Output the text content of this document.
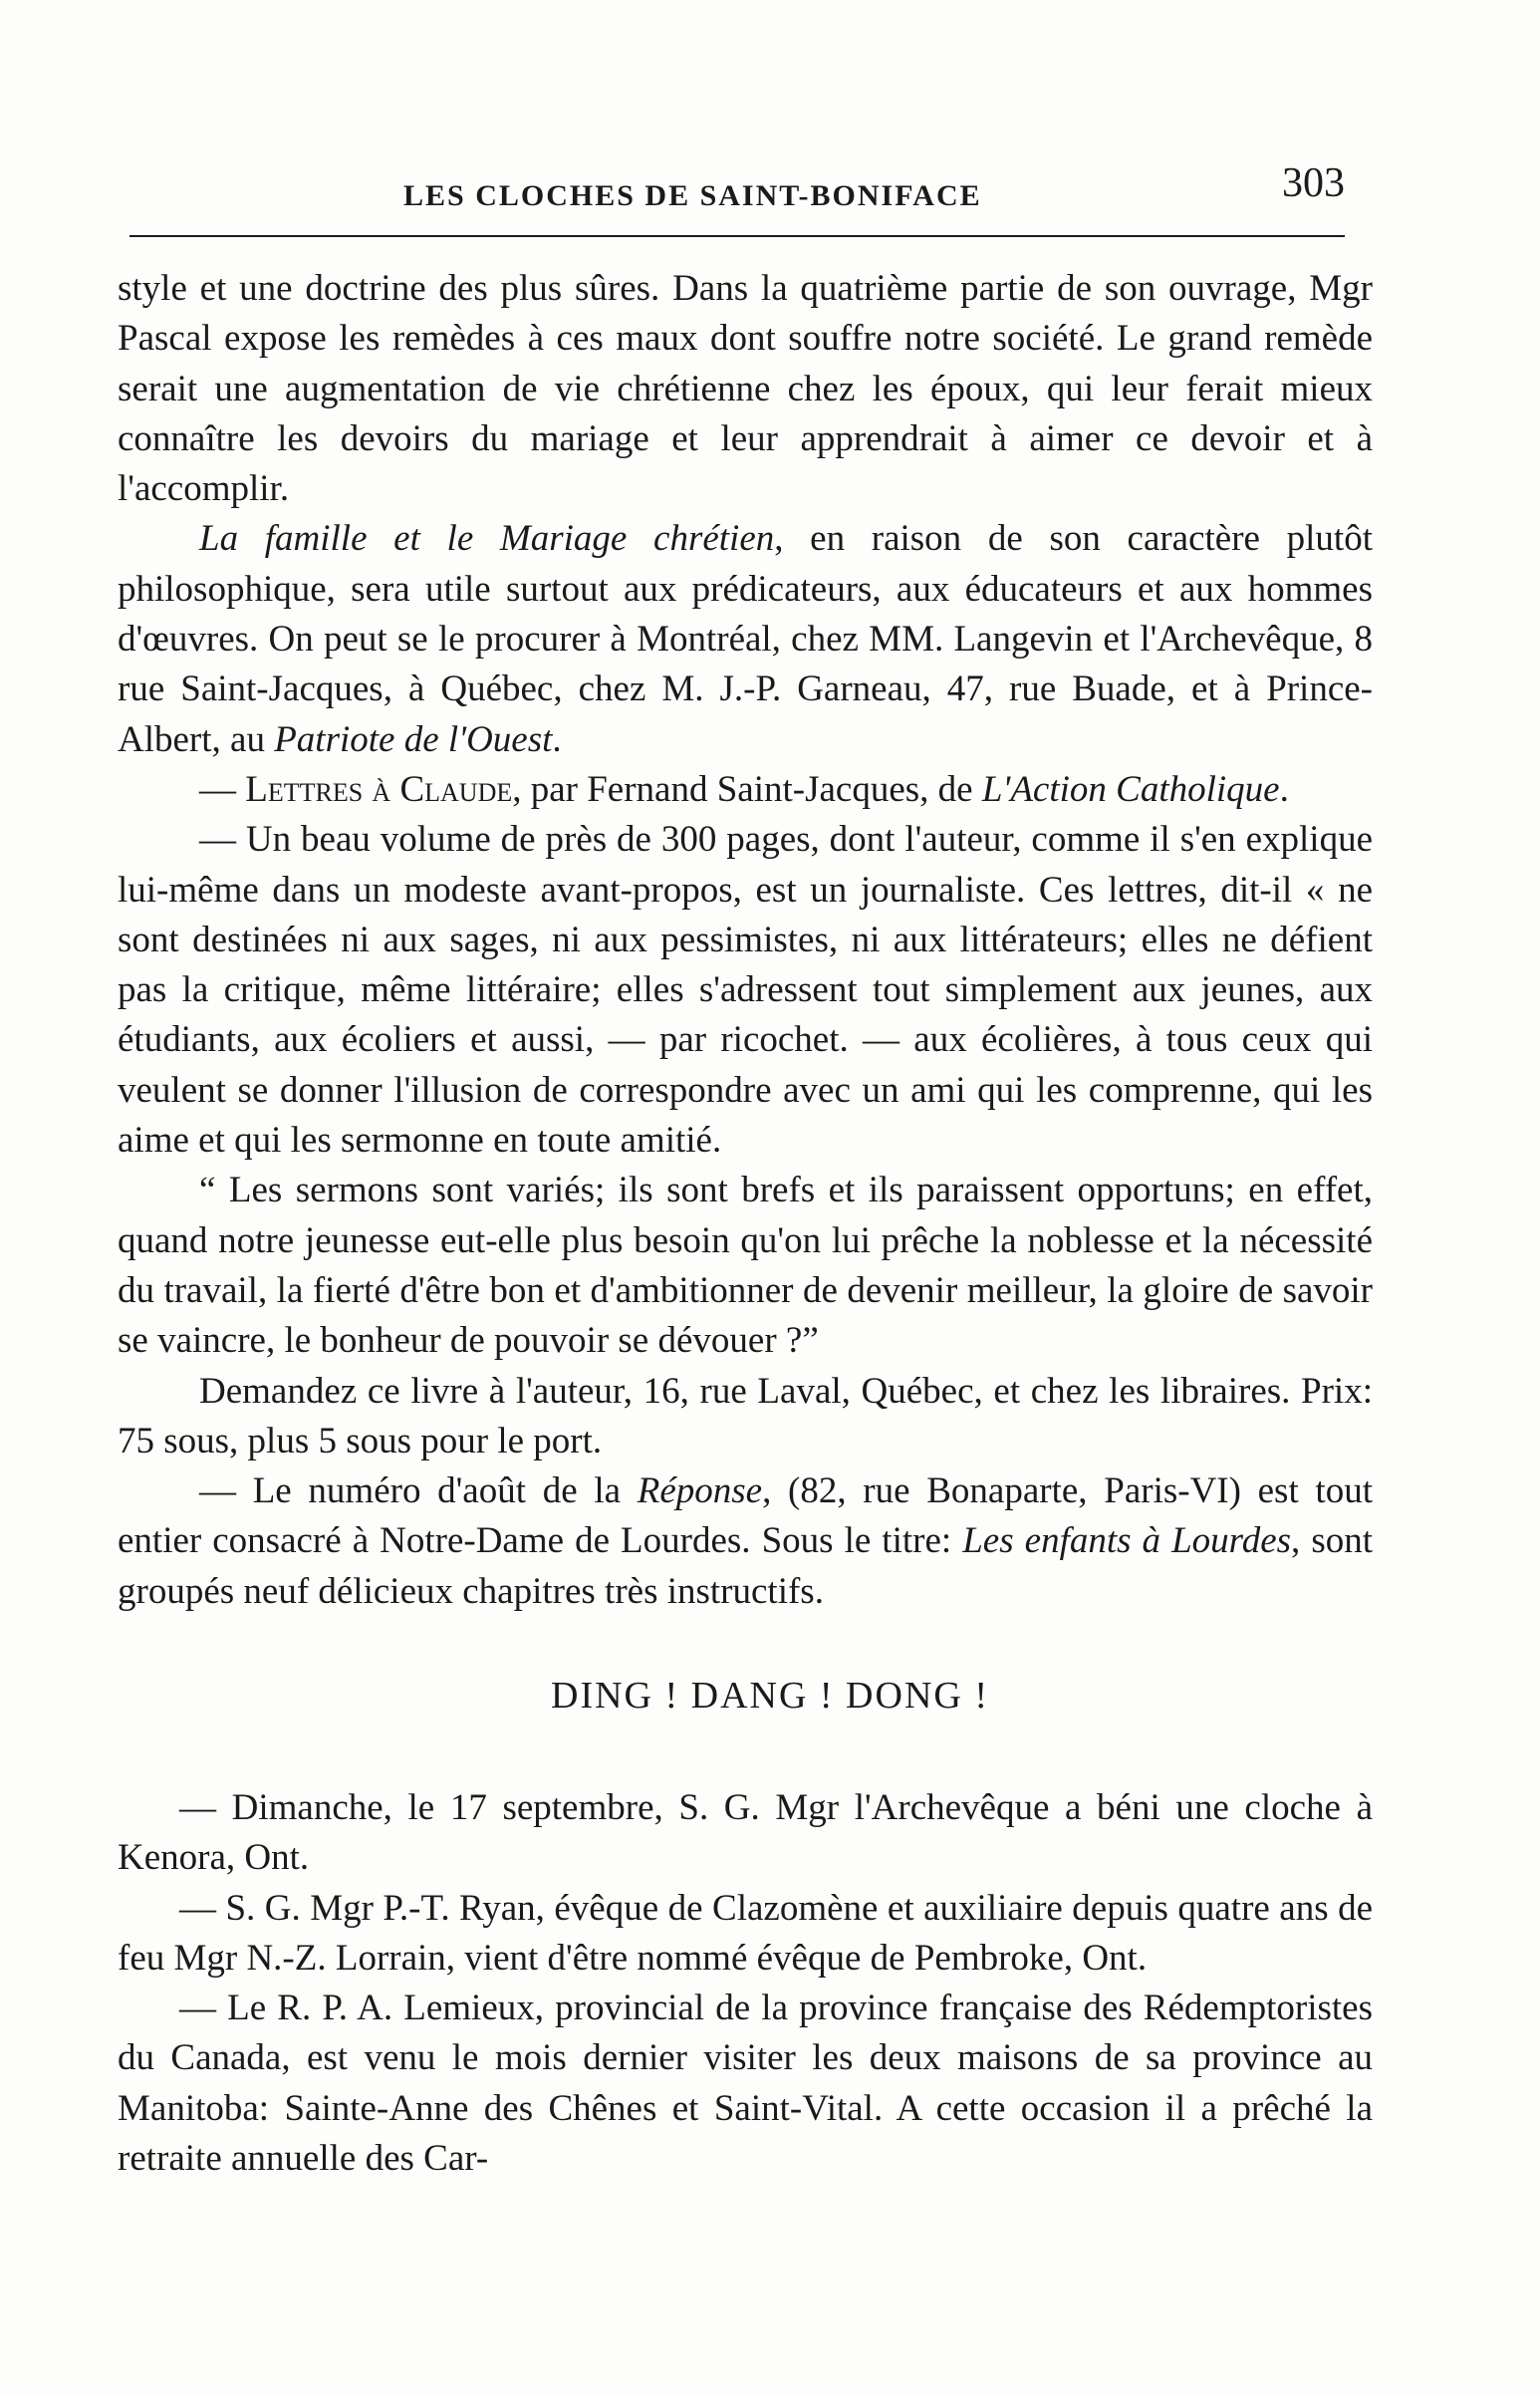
LES CLOCHES DE SAINT-BONIFACE	303

style et une doctrine des plus sûres. Dans la quatrième partie de son ouvrage, Mgr Pascal expose les remèdes à ces maux dont souffre notre société. Le grand remède serait une augmentation de vie chrétienne chez les époux, qui leur ferait mieux connaître les devoirs du mariage et leur apprendrait à aimer ce devoir et à l'accomplir.

La famille et le Mariage chrétien, en raison de son caractère plutôt philosophique, sera utile surtout aux prédicateurs, aux éducateurs et aux hommes d'œuvres. On peut se le procurer à Montréal, chez MM. Langevin et l'Archevêque, 8 rue Saint-Jacques, à Québec, chez M. J.-P. Garneau, 47, rue Buade, et à Prince-Albert, au Patriote de l'Ouest.

— Lettres à Claude, par Fernand Saint-Jacques, de L'Action Catholique.

— Un beau volume de près de 300 pages, dont l'auteur, comme il s'en explique lui-même dans un modeste avant-propos, est un journaliste. Ces lettres, dit-il « ne sont destinées ni aux sages, ni aux pessimistes, ni aux littérateurs; elles ne défient pas la critique, même littéraire; elles s'adressent tout simplement aux jeunes, aux étudiants, aux écoliers et aussi, — par ricochet. — aux écolières, à tous ceux qui veulent se donner l'illusion de correspondre avec un ami qui les comprenne, qui les aime et qui les sermonne en toute amitié.

“ Les sermons sont variés; ils sont brefs et ils paraissent opportuns; en effet, quand notre jeunesse eut-elle plus besoin qu'on lui prêche la noblesse et la nécessité du travail, la fierté d'être bon et d'ambitionner de devenir meilleur, la gloire de savoir se vaincre, le bonheur de pouvoir se dévouer ?”

Demandez ce livre à l'auteur, 16, rue Laval, Québec, et chez les libraires. Prix: 75 sous, plus 5 sous pour le port.

— Le numéro d'août de la Réponse, (82, rue Bonaparte, Paris-VI) est tout entier consacré à Notre-Dame de Lourdes. Sous le titre: Les enfants à Lourdes, sont groupés neuf délicieux chapitres très instructifs.

DING ! DANG ! DONG !

— Dimanche, le 17 septembre, S. G. Mgr l'Archevêque a béni une cloche à Kenora, Ont.

— S. G. Mgr P.-T. Ryan, évêque de Clazomène et auxiliaire depuis quatre ans de feu Mgr N.-Z. Lorrain, vient d'être nommé évêque de Pembroke, Ont.

— Le R. P. A. Lemieux, provincial de la province française des Rédemptoristes du Canada, est venu le mois dernier visiter les deux maisons de sa province au Manitoba: Sainte-Anne des Chênes et Saint-Vital. A cette occasion il a prêché la retraite annuelle des Car-
